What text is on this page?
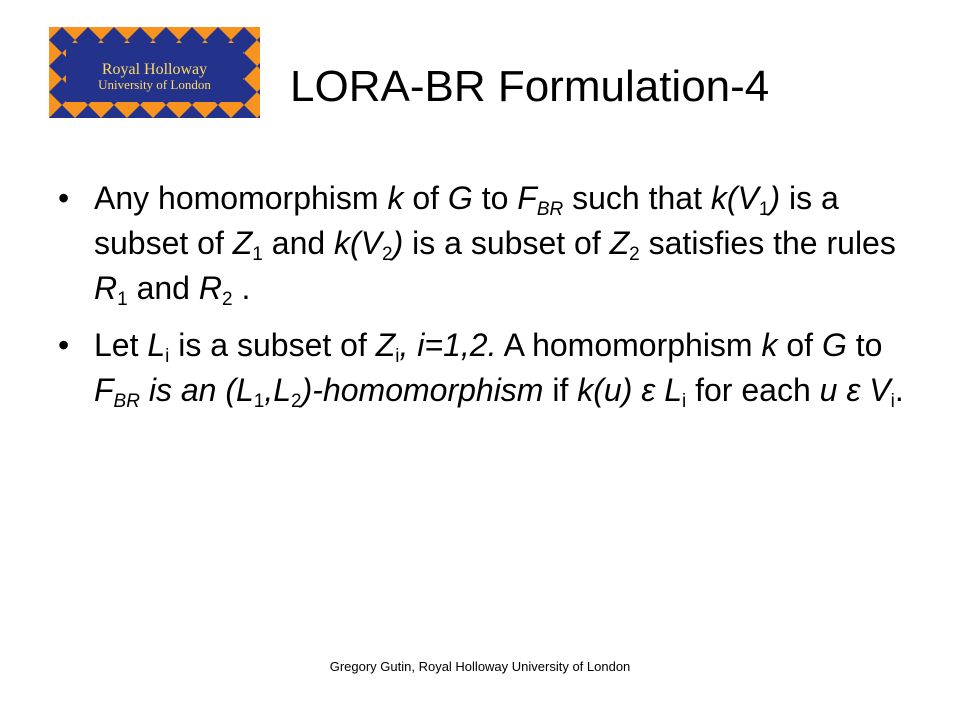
Royal Holloway
University of London LORA-BR Formulation-4
• Any homomorphism k of G to $F_{BR}$ such that $k(V_1)$ is a subset of $Z_1$ and $k(V_2)$ is a subset of $Z_2$ satisfies the rules $R_1$ and $R_2$ .
• Let $L_i$ is a subset of $Z_i$, i=1,2. A homomorphism k of G to $F_{BR}$ is an $(L_1,L_2)$-homomorphism if k(u) ε $L_i$ for each u ε $V_i$.
Gregory Gutin, Royal Holloway University of London
